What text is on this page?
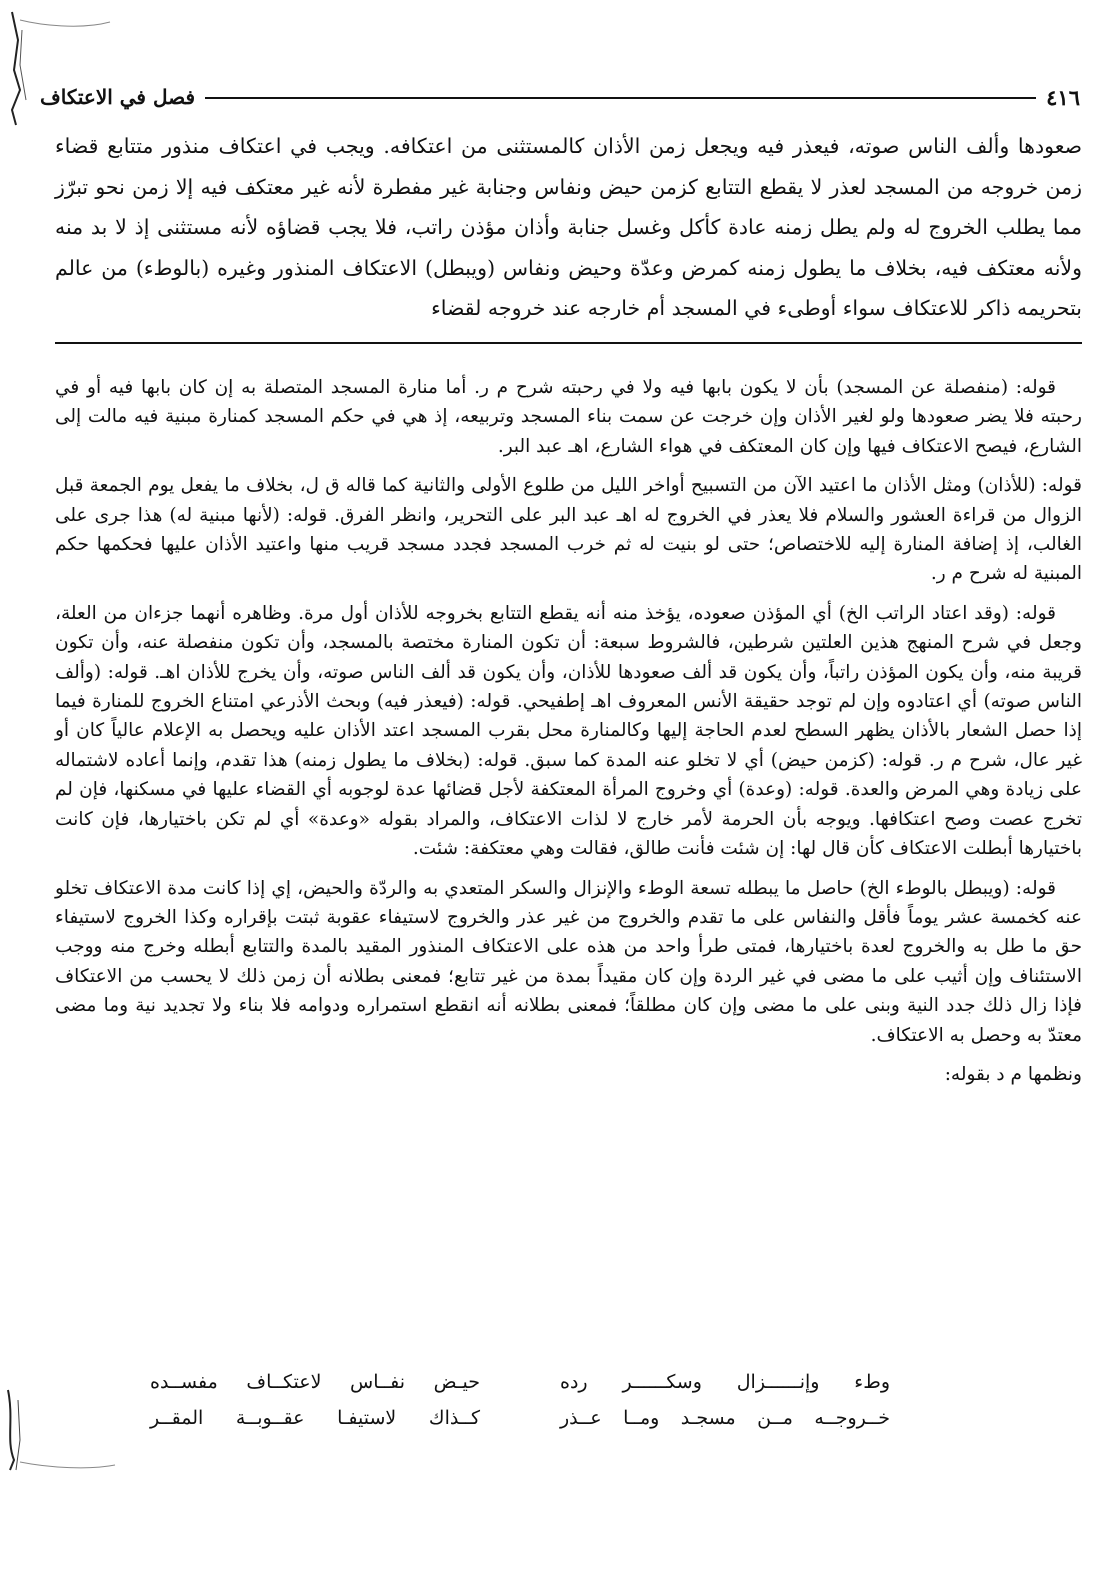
٤١٦
فصل في الاعتكاف

صعودها وألف الناس صوته، فيعذر فيه ويجعل زمن الأذان كالمستثنى من اعتكافه. ويجب في اعتكاف منذور متتابع قضاء زمن خروجه من المسجد لعذر لا يقطع التتابع كزمن حيض ونفاس وجنابة غير مفطرة لأنه غير معتكف فيه إلا زمن نحو تبرّز مما يطلب الخروج له ولم يطل زمنه عادة كأكل وغسل جنابة وأذان مؤذن راتب، فلا يجب قضاؤه لأنه مستثنى إذ لا بد منه ولأنه معتكف فيه، بخلاف ما يطول زمنه كمرض وعدّة وحيض ونفاس (ويبطل) الاعتكاف المنذور وغيره (بالوطء) من عالم بتحريمه ذاكر للاعتكاف سواء أوطىء في المسجد أم خارجه عند خروجه لقضاء

قوله: (منفصلة عن المسجد) بأن لا يكون بابها فيه ولا في رحبته شرح م ر. أما منارة المسجد المتصلة به إن كان بابها فيه أو في رحبته فلا يضر صعودها ولو لغير الأذان وإن خرجت عن سمت بناء المسجد وتربيعه، إذ هي في حكم المسجد كمنارة مبنية فيه مالت إلى الشارع، فيصح الاعتكاف فيها وإن كان المعتكف في هواء الشارع، اهـ عبد البر.

قوله: (للأذان) ومثل الأذان ما اعتيد الآن من التسبيح أواخر الليل من طلوع الأولى والثانية كما قاله ق ل، بخلاف ما يفعل يوم الجمعة قبل الزوال من قراءة العشور والسلام فلا يعذر في الخروج له اهـ عبد البر على التحرير، وانظر الفرق. قوله: (لأنها مبنية له) هذا جرى على الغالب، إذ إضافة المنارة إليه للاختصاص؛ حتى لو بنيت له ثم خرب المسجد فجدد مسجد قريب منها واعتيد الأذان عليها فحكمها حكم المبنية له شرح م ر.

قوله: (وقد اعتاد الراتب الخ) أي المؤذن صعوده، يؤخذ منه أنه يقطع التتابع بخروجه للأذان أول مرة. وظاهره أنهما جزءان من العلة، وجعل في شرح المنهج هذين العلتين شرطين، فالشروط سبعة: أن تكون المنارة مختصة بالمسجد، وأن تكون منفصلة عنه، وأن تكون قريبة منه، وأن يكون المؤذن راتباً، وأن يكون قد ألف صعودها للأذان، وأن يكون قد ألف الناس صوته، وأن يخرج للأذان اهـ. قوله: (وألف الناس صوته) أي اعتادوه وإن لم توجد حقيقة الأنس المعروف اهـ إطفيحي. قوله: (فيعذر فيه) وبحث الأذرعي امتناع الخروج للمنارة فيما إذا حصل الشعار بالأذان يظهر السطح لعدم الحاجة إليها وكالمنارة محل بقرب المسجد اعتد الأذان عليه ويحصل به الإعلام عالياً كان أو غير عال، شرح م ر. قوله: (كزمن حيض) أي لا تخلو عنه المدة كما سبق. قوله: (بخلاف ما يطول زمنه) هذا تقدم، وإنما أعاده لاشتماله على زيادة وهي المرض والعدة. قوله: (وعدة) أي وخروج المرأة المعتكفة لأجل قضائها عدة لوجوبه أي القضاء عليها في مسكنها، فإن لم تخرج عصت وصح اعتكافها. ويوجه بأن الحرمة لأمر خارج لا لذات الاعتكاف، والمراد بقوله «وعدة» أي لم تكن باختيارها، فإن كانت باختيارها أبطلت الاعتكاف كأن قال لها: إن شئت فأنت طالق، فقالت وهي معتكفة: شئت.

قوله: (ويبطل بالوطء الخ) حاصل ما يبطله تسعة الوطء والإنزال والسكر المتعدي به والردّة والحيض، إي إذا كانت مدة الاعتكاف تخلو عنه كخمسة عشر يوماً فأقل والنفاس على ما تقدم والخروج من غير عذر والخروج لاستيفاء عقوبة ثبتت بإقراره وكذا الخروج لاستيفاء حق ما طل به والخروج لعدة باختيارها، فمتى طرأ واحد من هذه على الاعتكاف المنذور المقيد بالمدة والتتابع أبطله وخرج منه ووجب الاستئناف وإن أثيب على ما مضى في غير الردة وإن كان مقيداً بمدة من غير تتابع؛ فمعنى بطلانه أن زمن ذلك لا يحسب من الاعتكاف فإذا زال ذلك جدد النية وبنى على ما مضى وإن كان مطلقاً؛ فمعنى بطلانه أنه انقطع استمراره ودوامه فلا بناء ولا تجديد نية وما مضى معتدّ به وحصل به الاعتكاف.

ونظمها م د بقوله:

وطء وإنــــــزال وسكــــــر رده
حيـض نفــاس لاعتكــاف مفســده
خــروجــه مــن مسجـد ومــا عــذر
كــذاك لاستيفـا عقــوبــة المقــر
